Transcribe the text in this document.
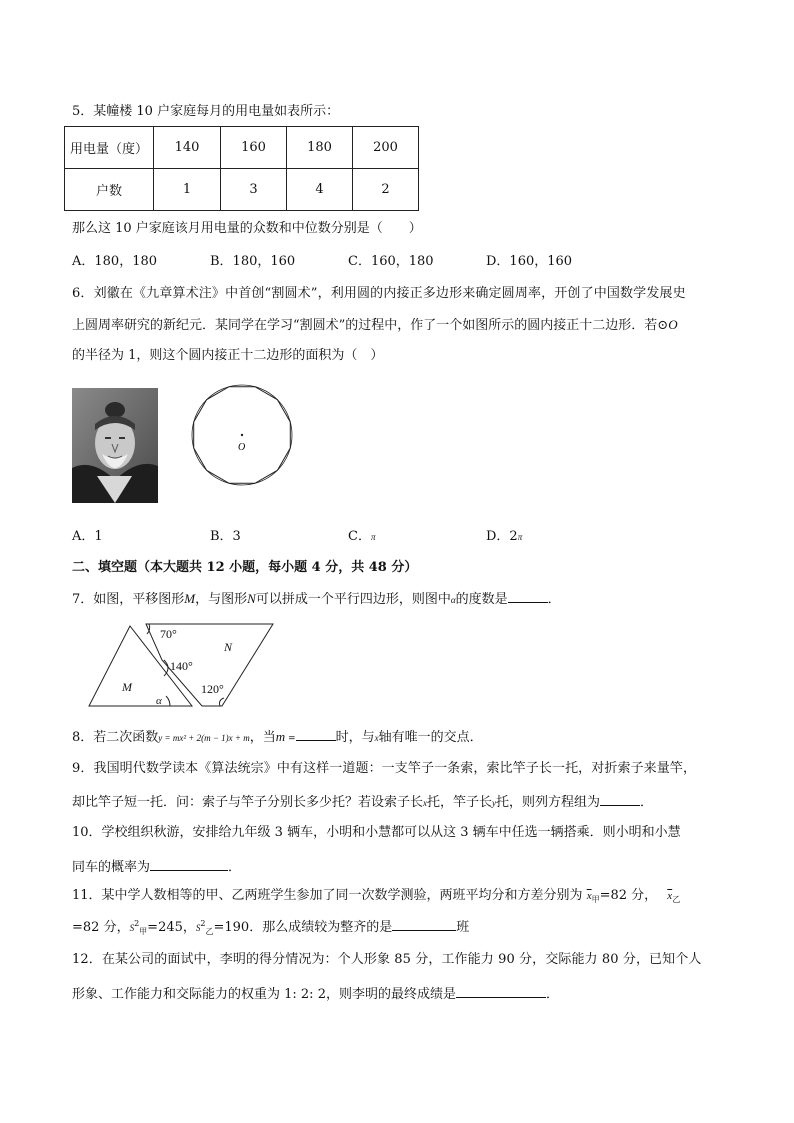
5．某幢楼 10 户家庭每月的用电量如表所示：
用电量（度）	140	160	180	200
户数	1	3	4	2
那么这 10 户家庭该月用电量的众数和中位数分别是（　　）
A．180，180	B．180，160	C．160，180	D．160，160
6．刘徽在《九章算术注》中首创“割圆术”，利用圆的内接正多边形来确定圆周率，开创了中国数学发展史
上圆周率研究的新纪元．某同学在学习“割圆术”的过程中，作了一个如图所示的圆内接正十二边形．若⊙O
的半径为 1，则这个圆内接正十二边形的面积为（　）
O
A．1	B．3	C．π	D．2π
二、填空题（本大题共 12 小题，每小题 4 分，共 48 分）
7．如图，平移图形M，与图形N可以拼成一个平行四边形，则图中α的度数是	．
70°
140°
120°
N
M
α
8．若二次函数y = mx² + 2(m − 1)x + m，当m =	时，与x轴有唯一的交点．
9．我国明代数学读本《算法统宗》中有这样一道题：一支竿子一条索，索比竿子长一托，对折索子来量竿，
却比竿子短一托．问：索子与竿子分别长多少托？若设索子长x托，竿子长y托，则列方程组为	．
10．学校组织秋游，安排给九年级 3 辆车，小明和小慧都可以从这 3 辆车中任选一辆搭乘．则小明和小慧
同车的概率为	．
11．某中学人数相等的甲、乙两班学生参加了同一次数学测验，两班平均分和方差分别为 $\overline{x}_甲=82$ 分， $\overline{x}_乙$
=82 分，$S^2_甲=245$，$S^2_乙=190$．那么成绩较为整齐的是	班
12．在某公司的面试中，李明的得分情况为：个人形象 85 分，工作能力 90 分，交际能力 80 分，已知个人
形象、工作能力和交际能力的权重为 1: 2: 2，则李明的最终成绩是	．
